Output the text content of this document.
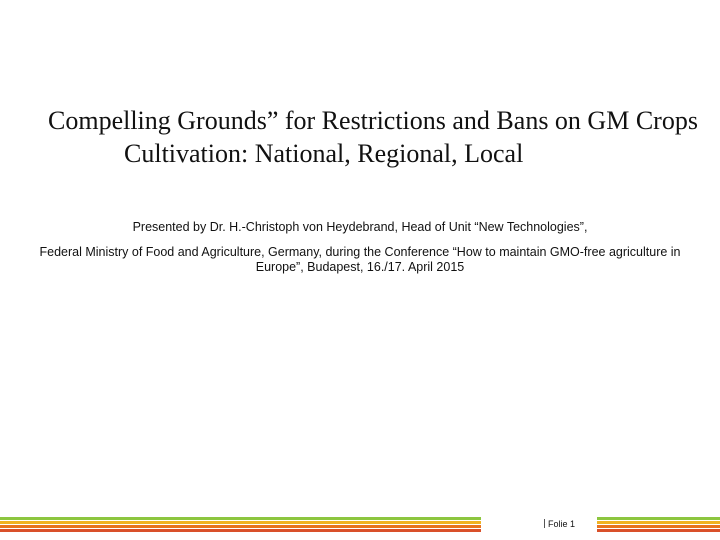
Compelling Grounds” for Restrictions and Bans on GM Crops Cultivation: National, Regional, Local
Presented by Dr. H.-Christoph von Heydebrand, Head of Unit “New Technologies”,
Federal Ministry of Food and Agriculture, Germany, during the Conference “How to maintain GMO-free agriculture in Europe”, Budapest, 16./17. April 2015
Folie 1
